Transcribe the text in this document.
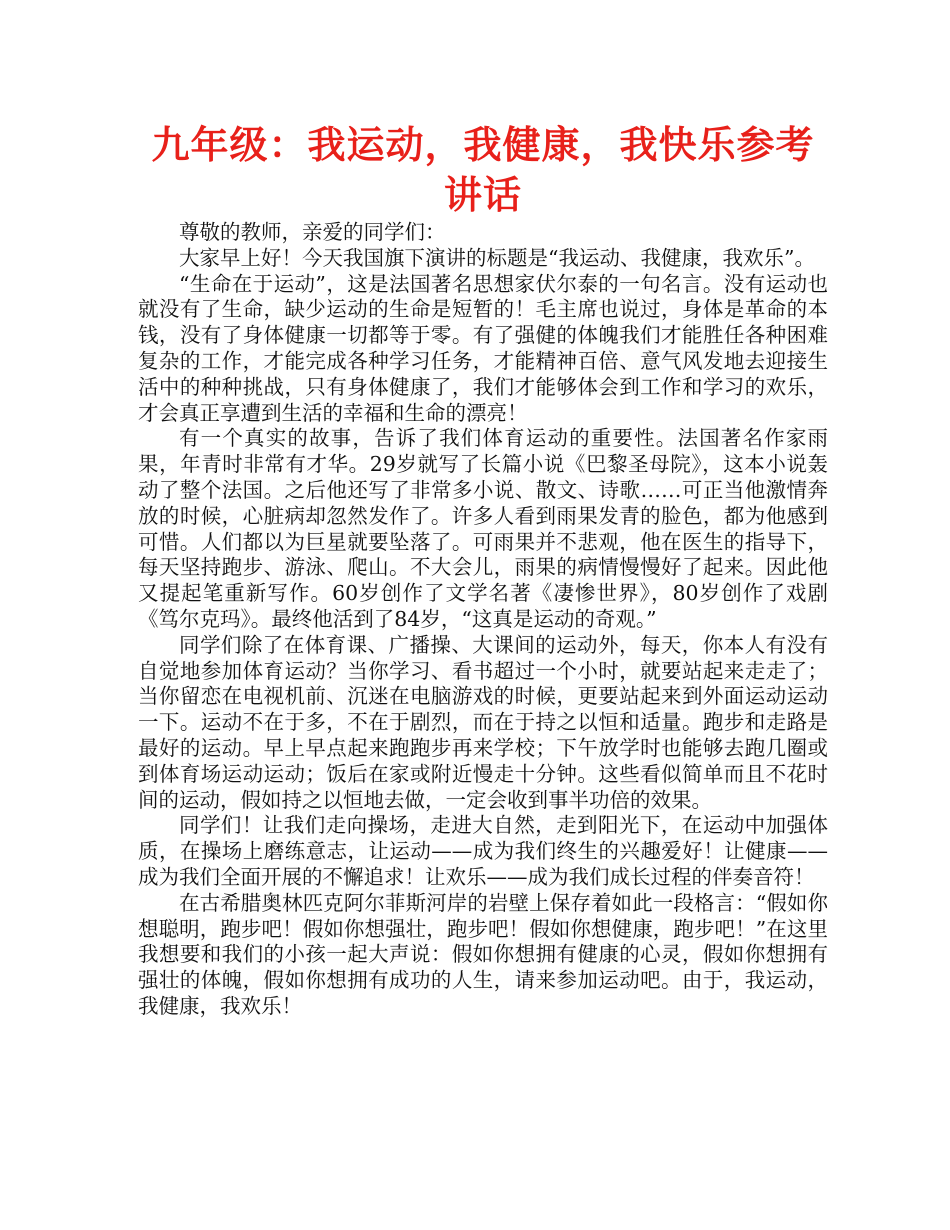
九年级：我运动，我健康，我快乐参考讲话

尊敬的教师，亲爱的同学们：

大家早上好！今天我国旗下演讲的标题是“我运动、我健康，我欢乐”。

“生命在于运动”，这是法国著名思想家伏尔泰的一句名言。没有运动也就没有了生命，缺少运动的生命是短暂的！毛主席也说过，身体是革命的本钱，没有了身体健康一切都等于零。有了强健的体魄我们才能胜任各种困难复杂的工作，才能完成各种学习任务，才能精神百倍、意气风发地去迎接生活中的种种挑战，只有身体健康了，我们才能够体会到工作和学习的欢乐，才会真正享遭到生活的幸福和生命的漂亮！

有一个真实的故事，告诉了我们体育运动的重要性。法国著名作家雨果，年青时非常有才华。29岁就写了长篇小说《巴黎圣母院》，这本小说轰动了整个法国。之后他还写了非常多小说、散文、诗歌……可正当他激情奔放的时候，心脏病却忽然发作了。许多人看到雨果发青的脸色，都为他感到可惜。人们都以为巨星就要坠落了。可雨果并不悲观，他在医生的指导下，每天坚持跑步、游泳、爬山。不大会儿，雨果的病情慢慢好了起来。因此他又提起笔重新写作。60岁创作了文学名著《凄惨世界》，80岁创作了戏剧《笃尔克玛》。最终他活到了84岁，“这真是运动的奇观。”

同学们除了在体育课、广播操、大课间的运动外，每天，你本人有没有自觉地参加体育运动？当你学习、看书超过一个小时，就要站起来走走了；当你留恋在电视机前、沉迷在电脑游戏的时候，更要站起来到外面运动运动一下。运动不在于多，不在于剧烈，而在于持之以恒和适量。跑步和走路是最好的运动。早上早点起来跑跑步再来学校；下午放学时也能够去跑几圈或到体育场运动运动；饭后在家或附近慢走十分钟。这些看似简单而且不花时间的运动，假如持之以恒地去做，一定会收到事半功倍的效果。

同学们！让我们走向操场，走进大自然，走到阳光下，在运动中加强体质，在操场上磨练意志，让运动——成为我们终生的兴趣爱好！让健康——成为我们全面开展的不懈追求！让欢乐——成为我们成长过程的伴奏音符！

在古希腊奥林匹克阿尔菲斯河岸的岩壁上保存着如此一段格言：“假如你想聪明，跑步吧！假如你想强壮，跑步吧！假如你想健康，跑步吧！”在这里我想要和我们的小孩一起大声说：假如你想拥有健康的心灵，假如你想拥有强壮的体魄，假如你想拥有成功的人生，请来参加运动吧。由于，我运动，我健康，我欢乐！
